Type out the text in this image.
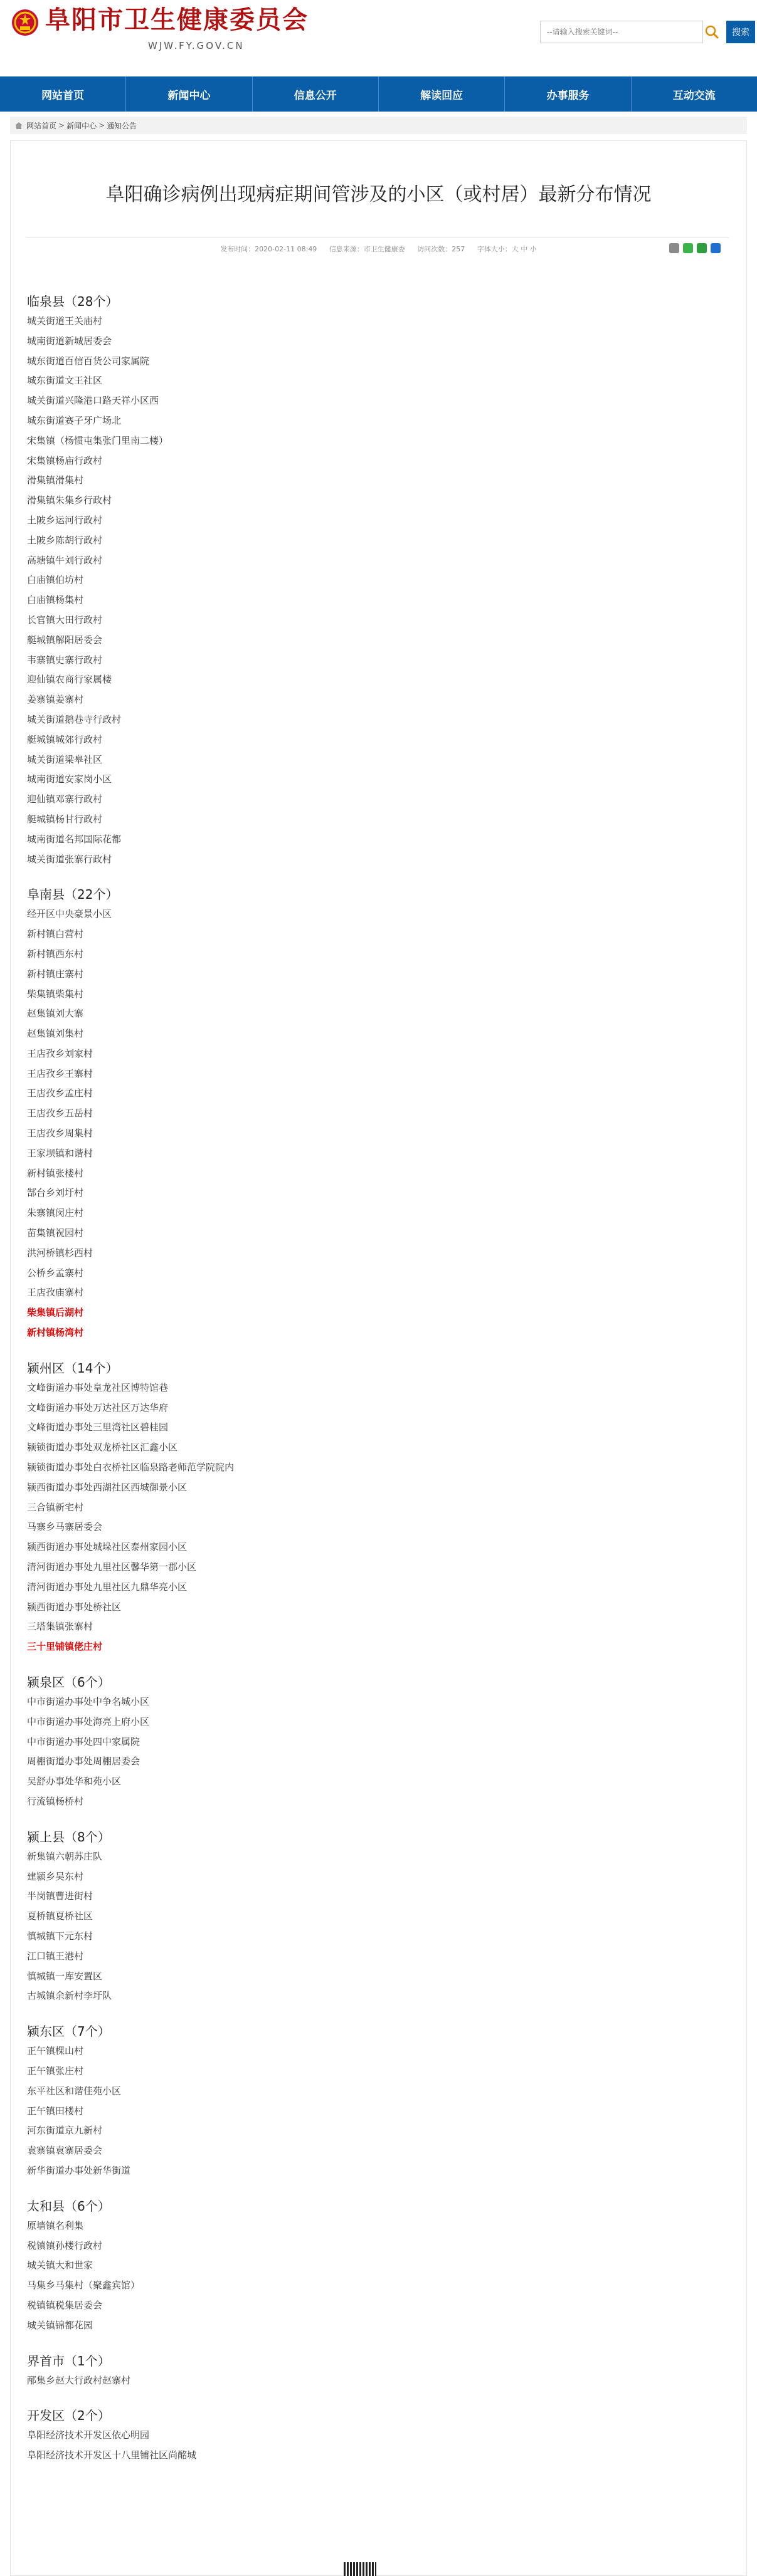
阜阳市卫生健康委员会
WJW.FY.GOV.CN
--请输入搜索关键词--
搜索
网站首页	新闻中心	信息公开	解读回应	办事服务	互动交流
网站首页 > 新闻中心 > 通知公告
阜阳确诊病例出现病症期间管涉及的小区（或村居）最新分布情况
发布时间：2020-02-11 08:49 信息来源：市卫生健康委 访问次数：257 字体大小：大 中 小
临泉县（28个）
城关街道王关庙村
城南街道新城居委会
城东街道百信百货公司家属院
城东街道文王社区
城关街道兴隆港口路天祥小区西
城东街道赛子牙广场北
宋集镇（杨惯屯集张门里南二楼）
宋集镇杨庙行政村
滑集镇滑集村
滑集镇朱集乡行政村
土陂乡运河行政村
土陂乡陈胡行政村
高塘镇牛刘行政村
白庙镇伯坊村
白庙镇杨集村
长官镇大田行政村
艇城镇解阳居委会
韦寨镇史寨行政村
迎仙镇农商行家属楼
姜寨镇姜寨村
城关街道鹅巷寺行政村
艇城镇城郊行政村
城关街道梁皋社区
城南街道安家岗小区
迎仙镇邓寨行政村
艇城镇杨甘行政村
城南街道名邦国际花都
城关街道张寨行政村
阜南县（22个）
经开区中央豪景小区
新村镇白营村
新村镇西东村
新村镇庄寨村
柴集镇柴集村
赵集镇刘大寨
赵集镇刘集村
王店孜乡刘家村
王店孜乡王寨村
王店孜乡孟庄村
王店孜乡五岳村
王店孜乡周集村
王家坝镇和谐村
新村镇张楼村
郜台乡刘圩村
朱寨镇闵庄村
苗集镇祝园村
洪河桥镇杉西村
公桥乡孟寨村
王店孜庙寨村
柴集镇后湖村
新村镇杨湾村
颍州区（14个）
文峰街道办事处皇龙社区博特馆巷
文峰街道办事处万达社区万达华府
文峰街道办事处三里湾社区碧桂园
颍锁街道办事处双龙桥社区汇鑫小区
颍锁街道办事处白衣桥社区临泉路老师范学院院内
颍西街道办事处西湖社区西城御景小区
三合镇新宅村
马寨乡马寨居委会
颍西街道办事处城垛社区泰州家园小区
清河街道办事处九里社区馨华第一郡小区
清河街道办事处九里社区九鼎华亮小区
颍西街道办事处桥社区
三塔集镇张寨村
三十里铺镇佬庄村
颍泉区（6个）
中市街道办事处中争名城小区
中市街道办事处海亮上府小区
中市街道办事处四中家属院
周棚街道办事处周棚居委会
吴舒办事处华和苑小区
行流镇杨桥村
颍上县（8个）
新集镇六朝苏庄队
建颍乡吴东村
半岗镇曹进街村
夏桥镇夏桥社区
慎城镇下元东村
江口镇王港村
慎城镇一库安置区
古城镇余新村李圩队
颍东区（7个）
正午镇棵山村
正午镇张庄村
东平社区和谐佳苑小区
正午镇田楼村
河东街道京九新村
袁寨镇袁寨居委会
新华街道办事处新华街道
太和县（6个）
原墙镇名利集
税镇镇孙楼行政村
城关镇大和世家
马集乡马集村（聚鑫宾馆）
税镇镇税集居委会
城关镇锦都花园
界首市（1个）
邴集乡赵大行政村赵寨村
开发区（2个）
阜阳经济技术开发区依心明园
阜阳经济技术开发区十八里铺社区尚酩城
